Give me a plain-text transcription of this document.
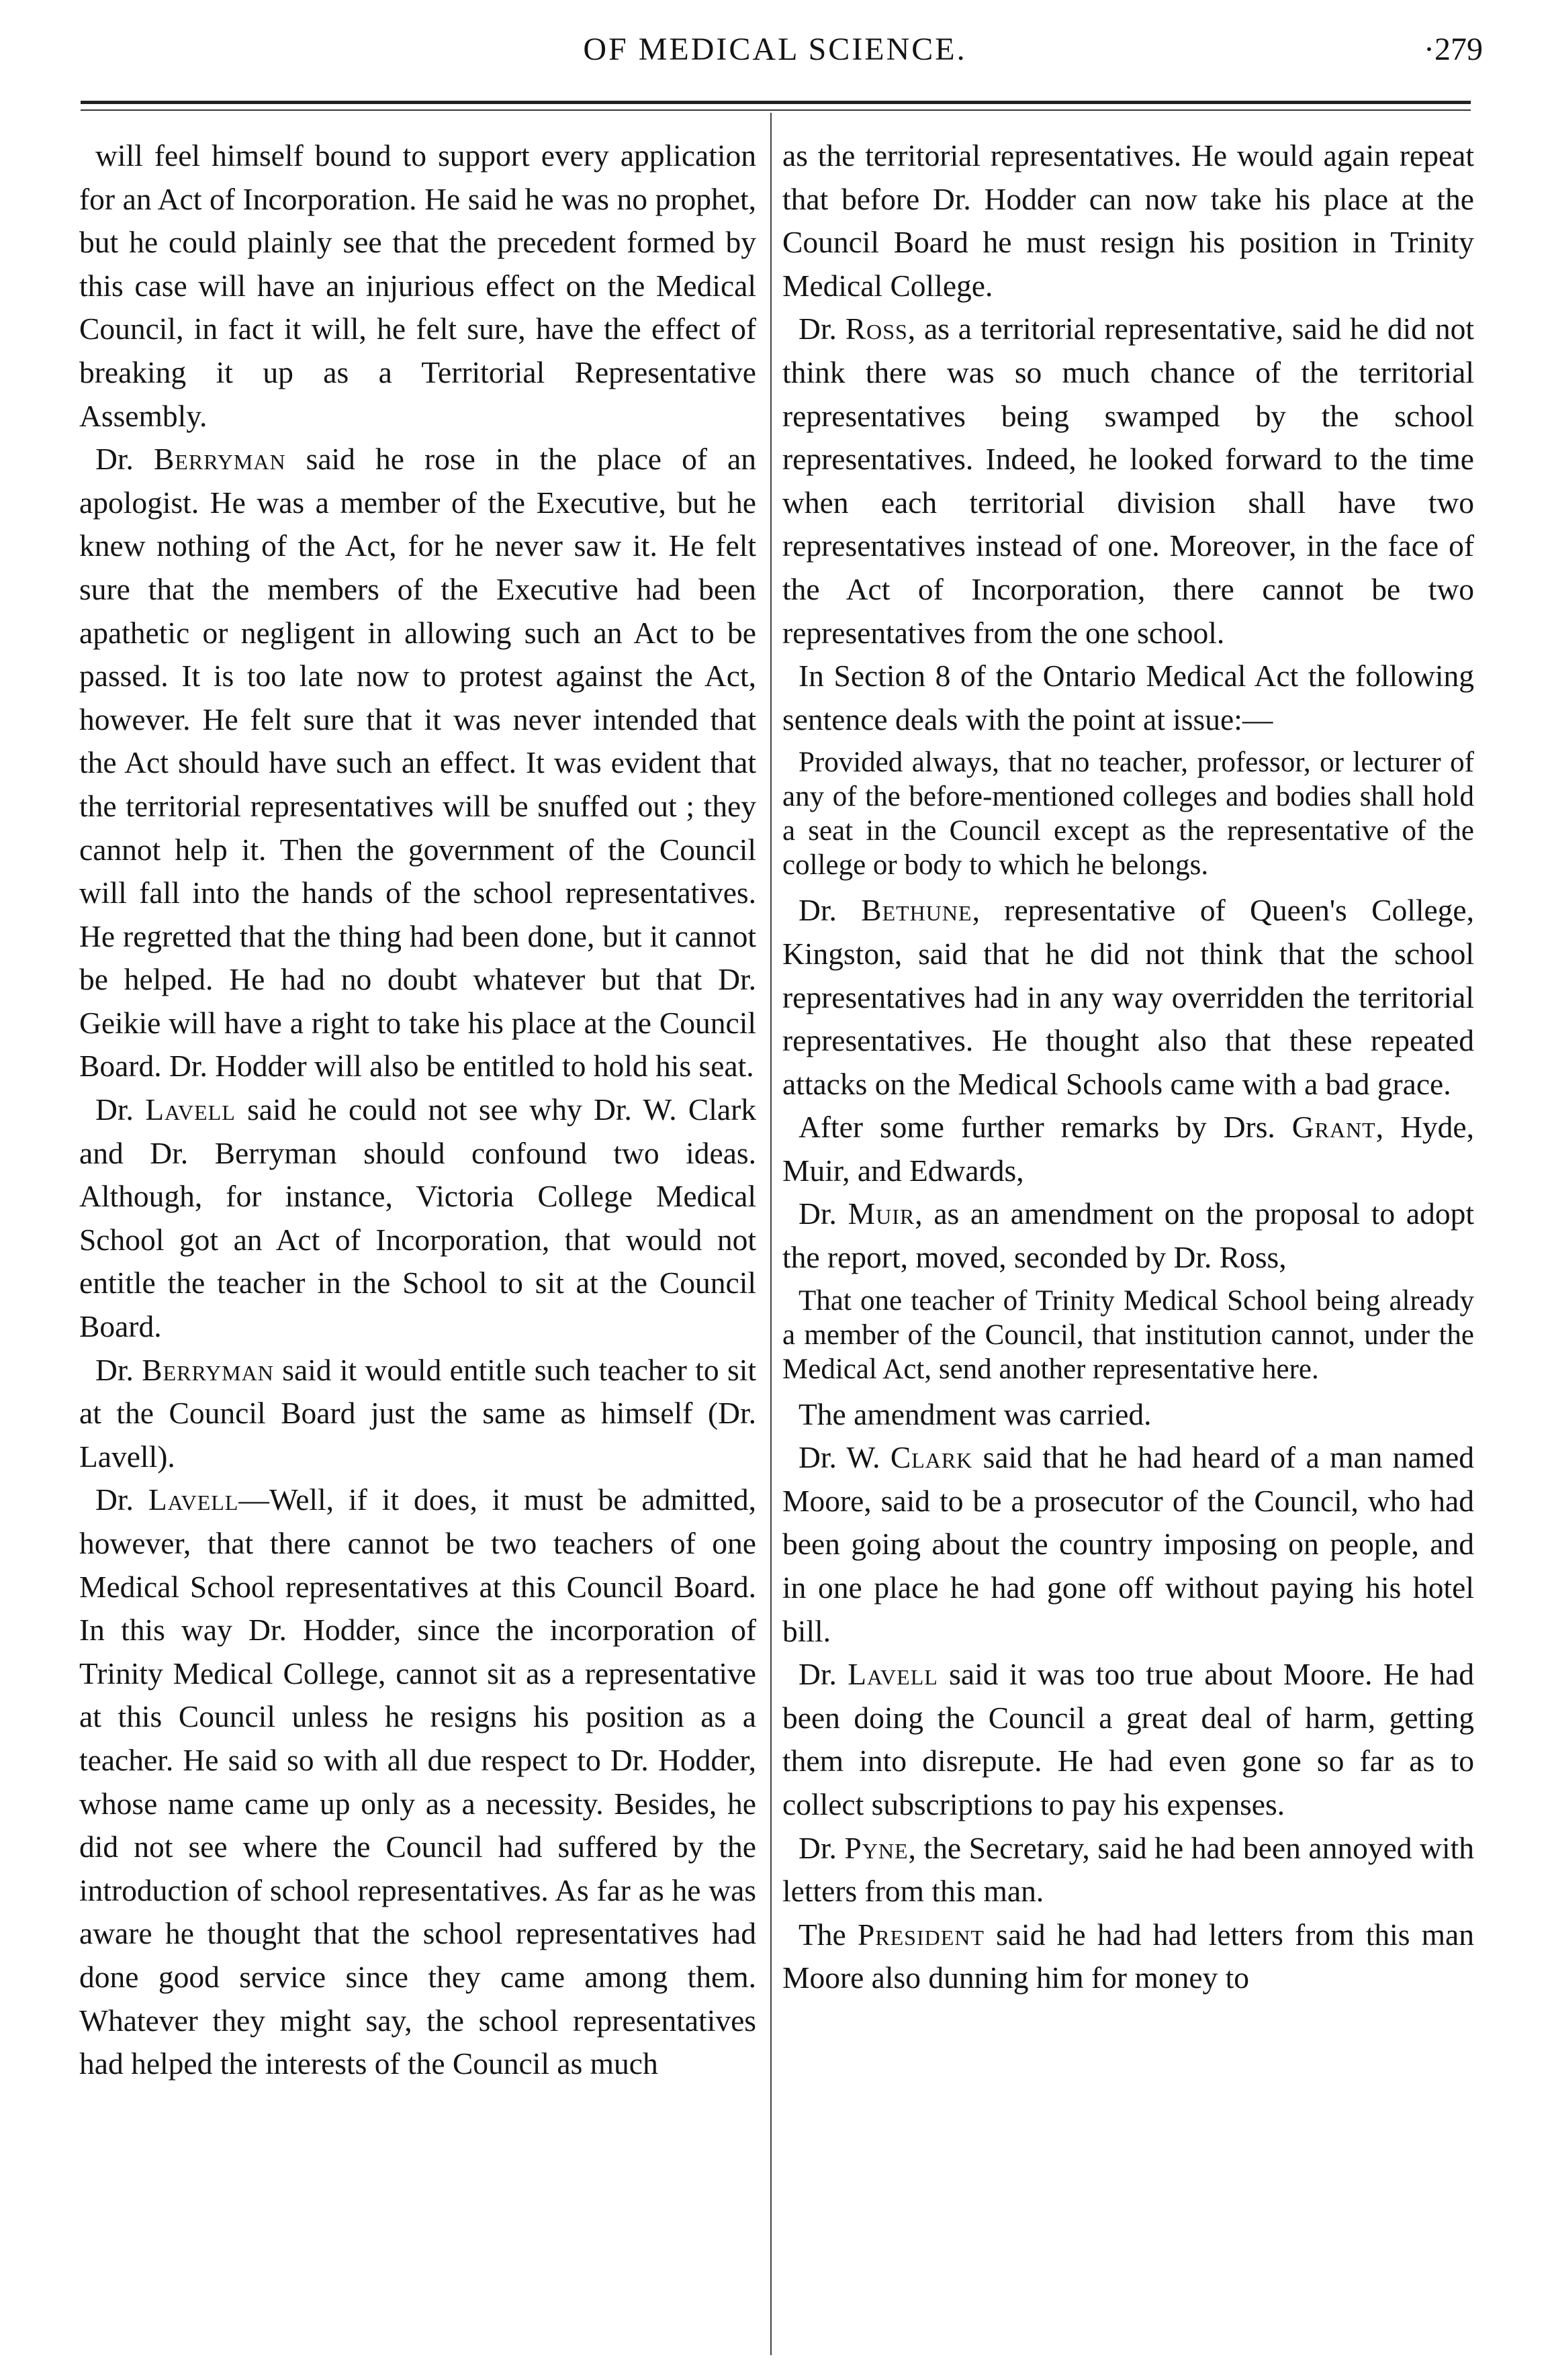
OF MEDICAL SCIENCE.	·279

will feel himself bound to support every application for an Act of Incorporation. He said he was no prophet, but he could plainly see that the precedent formed by this case will have an injurious effect on the Medical Council, in fact it will, he felt sure, have the effect of breaking it up as a Territorial Representative Assembly.

Dr. Berryman said he rose in the place of an apologist. He was a member of the Executive, but he knew nothing of the Act, for he never saw it. He felt sure that the members of the Executive had been apathetic or negligent in allowing such an Act to be passed. It is too late now to protest against the Act, however. He felt sure that it was never intended that the Act should have such an effect. It was evident that the territorial representatives will be snuffed out ; they cannot help it. Then the government of the Council will fall into the hands of the school representatives. He regretted that the thing had been done, but it cannot be helped. He had no doubt whatever but that Dr. Geikie will have a right to take his place at the Council Board. Dr. Hodder will also be entitled to hold his seat.

Dr. Lavell said he could not see why Dr. W. Clark and Dr. Berryman should confound two ideas. Although, for instance, Victoria College Medical School got an Act of Incorporation, that would not entitle the teacher in the School to sit at the Council Board.

Dr. Berryman said it would entitle such teacher to sit at the Council Board just the same as himself (Dr. Lavell).

Dr. Lavell—Well, if it does, it must be admitted, however, that there cannot be two teachers of one Medical School representatives at this Council Board. In this way Dr. Hodder, since the incorporation of Trinity Medical College, cannot sit as a representative at this Council unless he resigns his position as a teacher. He said so with all due respect to Dr. Hodder, whose name came up only as a necessity. Besides, he did not see where the Council had suffered by the introduction of school representatives. As far as he was aware he thought that the school representatives had done good service since they came among them. Whatever they might say, the school representatives had helped the interests of the Council as much

as the territorial representatives. He would again repeat that before Dr. Hodder can now take his place at the Council Board he must resign his position in Trinity Medical College.

Dr. Ross, as a territorial representative, said he did not think there was so much chance of the territorial representatives being swamped by the school representatives. Indeed, he looked forward to the time when each territorial division shall have two representatives instead of one. Moreover, in the face of the Act of Incorporation, there cannot be two representatives from the one school.

In Section 8 of the Ontario Medical Act the following sentence deals with the point at issue:—

Provided always, that no teacher, professor, or lecturer of any of the before-mentioned colleges and bodies shall hold a seat in the Council except as the representative of the college or body to which he belongs.

Dr. Bethune, representative of Queen's College, Kingston, said that he did not think that the school representatives had in any way overridden the territorial representatives. He thought also that these repeated attacks on the Medical Schools came with a bad grace.

After some further remarks by Drs. Grant, Hyde, Muir, and Edwards,

Dr. Muir, as an amendment on the proposal to adopt the report, moved, seconded by Dr. Ross,

That one teacher of Trinity Medical School being already a member of the Council, that institution cannot, under the Medical Act, send another representative here.

The amendment was carried.

Dr. W. Clark said that he had heard of a man named Moore, said to be a prosecutor of the Council, who had been going about the country imposing on people, and in one place he had gone off without paying his hotel bill.

Dr. Lavell said it was too true about Moore. He had been doing the Council a great deal of harm, getting them into disrepute. He had even gone so far as to collect subscriptions to pay his expenses.

Dr. Pyne, the Secretary, said he had been annoyed with letters from this man.

The President said he had had letters from this man Moore also dunning him for money to
